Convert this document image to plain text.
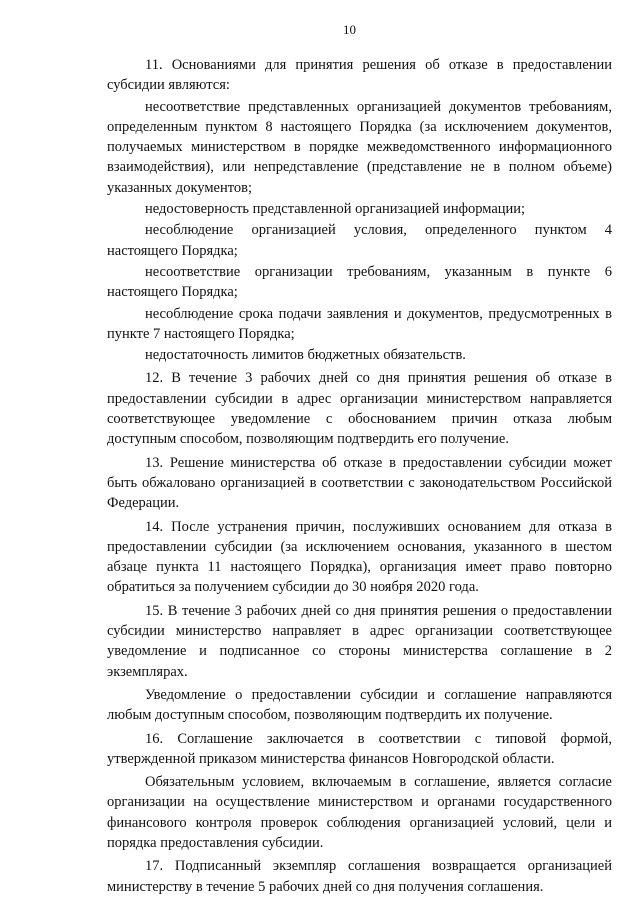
10

11. Основаниями для принятия решения об отказе в предоставлении субсидии являются:

несоответствие представленных организацией документов требованиям, определенным пунктом 8 настоящего Порядка (за исключением документов, получаемых министерством в порядке межведомственного информационного взаимодействия), или непредставление (представление не в полном объеме) указанных документов;

недостоверность представленной организацией информации;

несоблюдение организацией условия, определенного пунктом 4 настоящего Порядка;

несоответствие организации требованиям, указанным в пункте 6 настоящего Порядка;

несоблюдение срока подачи заявления и документов, предусмотренных в пункте 7 настоящего Порядка;

недостаточность лимитов бюджетных обязательств.

12. В течение 3 рабочих дней со дня принятия решения об отказе в предоставлении субсидии в адрес организации министерством направляется соответствующее уведомление с обоснованием причин отказа любым доступным способом, позволяющим подтвердить его получение.

13. Решение министерства об отказе в предоставлении субсидии может быть обжаловано организацией в соответствии с законодательством Российской Федерации.

14. После устранения причин, послуживших основанием для отказа в предоставлении субсидии (за исключением основания, указанного в шестом абзаце пункта 11 настоящего Порядка), организация имеет право повторно обратиться за получением субсидии до 30 ноября 2020 года.

15. В течение 3 рабочих дней со дня принятия решения о предоставлении субсидии министерство направляет в адрес организации соответствующее уведомление и подписанное со стороны министерства соглашение в 2 экземплярах.

Уведомление о предоставлении субсидии и соглашение направляются любым доступным способом, позволяющим подтвердить их получение.

16. Соглашение заключается в соответствии с типовой формой, утвержденной приказом министерства финансов Новгородской области.

Обязательным условием, включаемым в соглашение, является согласие организации на осуществление министерством и органами государственного финансового контроля проверок соблюдения организацией условий, цели и порядка предоставления субсидии.

17. Подписанный экземпляр соглашения возвращается организацией министерству в течение 5 рабочих дней со дня получения соглашения.
